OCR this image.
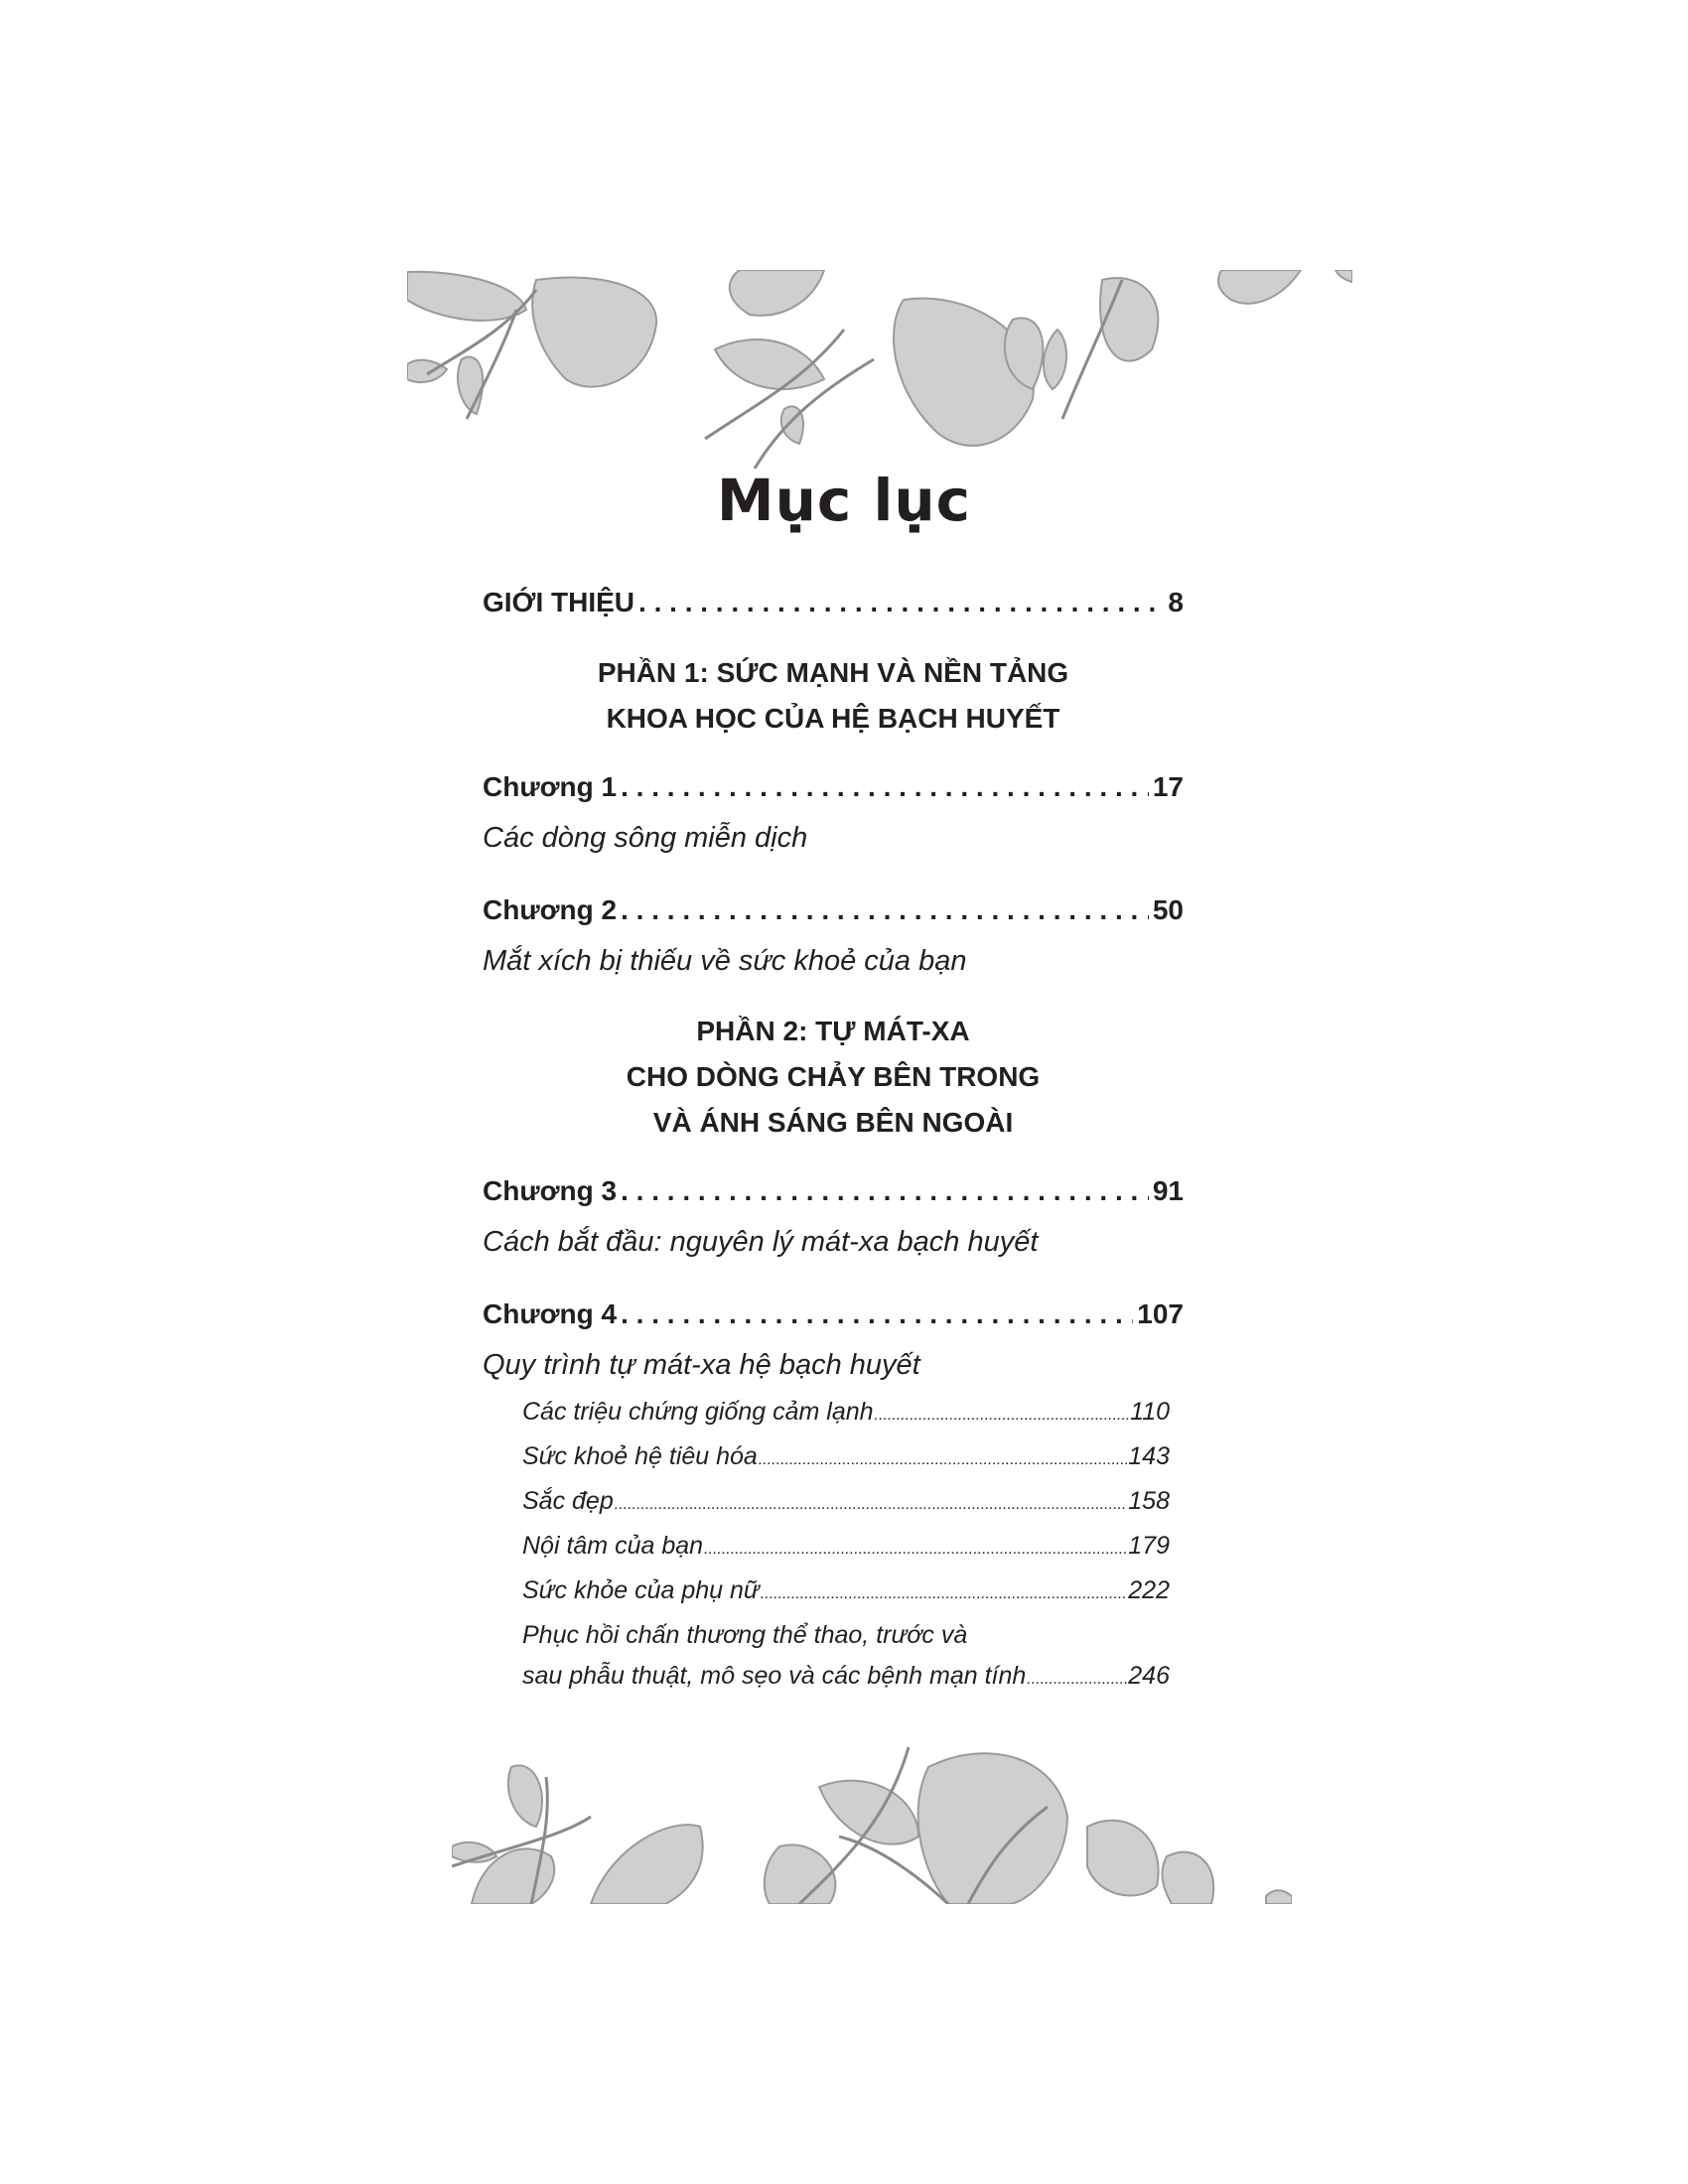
Mục lục
GIỚI THIỆU . . .	8
PHẦN 1: SỨC MẠNH VÀ NỀN TẢNG
KHOA HỌC CỦA HỆ BẠCH HUYẾT
Chương 1 . . .	17
Các dòng sông miễn dịch
Chương 2 . . .	50
Mắt xích bị thiếu về sức khoẻ của bạn
PHẦN 2: TỰ MÁT-XA
CHO DÒNG CHẢY BÊN TRONG
VÀ ÁNH SÁNG BÊN NGOÀI
Chương 3 . . .	91
Cách bắt đầu: nguyên lý mát-xa bạch huyết
Chương 4 . . .	107
Quy trình tự mát-xa hệ bạch huyết
Các triệu chứng giống cảm lạnh .....	110
Sức khoẻ hệ tiêu hóa .....	143
Sắc đẹp .....	158
Nội tâm của bạn .....	179
Sức khỏe của phụ nữ .....	222
Phục hồi chấn thương thể thao, trước và
sau phẫu thuật, mô sẹo và các bệnh mạn tính .....	246
